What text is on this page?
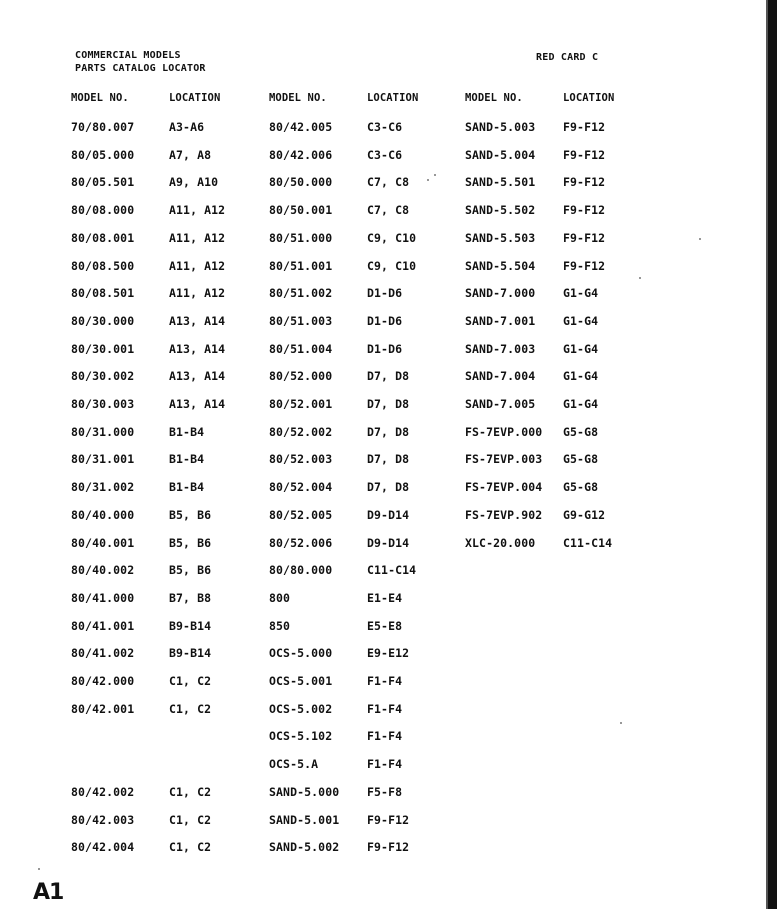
COMMERCIAL MODELS
PARTS CATALOG LOCATOR
RED CARD C
MODEL NO.	LOCATION	MODEL NO.	LOCATION	MODEL NO.	LOCATION
70/80.007	A3-A6	80/42.005	C3-C6	SAND-5.003 F9-F12
80/05.000	A7, A8	80/42.006	C3-C6	SAND-5.004 F9-F12
80/05.501	A9, A10	80/50.000	C7, C8	SAND-5.501 F9-F12
80/08.000	A11, A12	80/50.001	C7, C8	SAND-5.502 F9-F12
80/08.001	A11, A12	80/51.000	C9, C10	SAND-5.503 F9-F12
80/08.500	A11, A12	80/51.001	C9, C10	SAND-5.504 F9-F12
80/08.501	A11, A12	80/51.002	D1-D6	SAND-7.000 G1-G4
80/30.000	A13, A14	80/51.003	D1-D6	SAND-7.001 G1-G4
80/30.001	A13, A14	80/51.004	D1-D6	SAND-7.003 G1-G4
80/30.002	A13, A14	80/52.000	D7, D8	SAND-7.004 G1-G4
80/30.003	A13, A14	80/52.001	D7, D8	SAND-7.005 G1-G4
80/31.000	B1-B4	80/52.002	D7, D8	FS-7EVP.000 G5-G8
80/31.001	B1-B4	80/52.003	D7, D8	FS-7EVP.003 G5-G8
80/31.002	B1-B4	80/52.004	D7, D8	FS-7EVP.004 G5-G8
80/40.000	B5, B6	80/52.005	D9-D14	FS-7EVP.902 G9-G12
80/40.001	B5, B6	80/52.006	D9-D14	XLC-20.000 C11-C14
80/40.002	B5, B6	80/80.000	C11-C14
80/41.000	B7, B8	800	E1-E4
80/41.001	B9-B14	850	E5-E8
80/41.002	B9-B14	OCS-5.000	E9-E12
80/42.000	C1, C2	OCS-5.001	F1-F4
80/42.001	C1, C2	OCS-5.002	F1-F4
OCS-5.102	F1-F4
OCS-5.A	F1-F4
80/42.002	C1, C2	SAND-5.000 F5-F8
80/42.003	C1, C2	SAND-5.001 F9-F12
80/42.004	C1, C2	SAND-5.002 F9-F12
A1
